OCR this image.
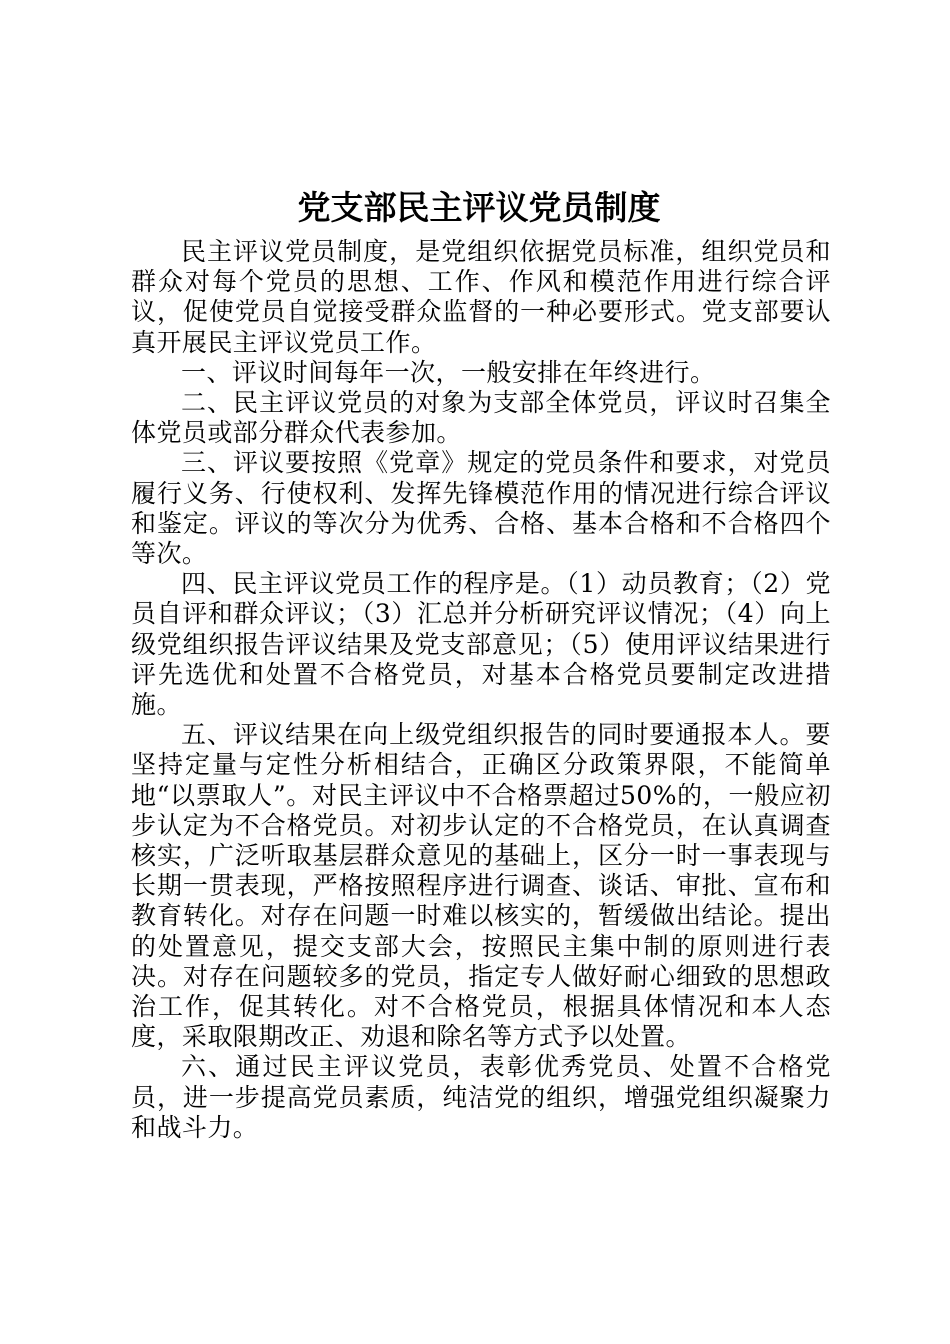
党支部民主评议党员制度

民主评议党员制度，是党组织依据党员标准，组织党员和群众对每个党员的思想、工作、作风和模范作用进行综合评议，促使党员自觉接受群众监督的一种必要形式。党支部要认真开展民主评议党员工作。

一、评议时间每年一次，一般安排在年终进行。

二、民主评议党员的对象为支部全体党员，评议时召集全体党员或部分群众代表参加。

三、评议要按照《党章》规定的党员条件和要求，对党员履行义务、行使权利、发挥先锋模范作用的情况进行综合评议和鉴定。评议的等次分为优秀、合格、基本合格和不合格四个等次。

四、民主评议党员工作的程序是。（1）动员教育；（2）党员自评和群众评议；（3）汇总并分析研究评议情况；（4）向上级党组织报告评议结果及党支部意见；（5）使用评议结果进行评先选优和处置不合格党员，对基本合格党员要制定改进措施。

五、评议结果在向上级党组织报告的同时要通报本人。要坚持定量与定性分析相结合，正确区分政策界限，不能简单地“以票取人”。对民主评议中不合格票超过50%的，一般应初步认定为不合格党员。对初步认定的不合格党员，在认真调查核实，广泛听取基层群众意见的基础上，区分一时一事表现与长期一贯表现，严格按照程序进行调查、谈话、审批、宣布和教育转化。对存在问题一时难以核实的，暂缓做出结论。提出的处置意见，提交支部大会，按照民主集中制的原则进行表决。对存在问题较多的党员，指定专人做好耐心细致的思想政治工作，促其转化。对不合格党员，根据具体情况和本人态度，采取限期改正、劝退和除名等方式予以处置。

六、通过民主评议党员，表彰优秀党员、处置不合格党员，进一步提高党员素质，纯洁党的组织，增强党组织凝聚力和战斗力。
